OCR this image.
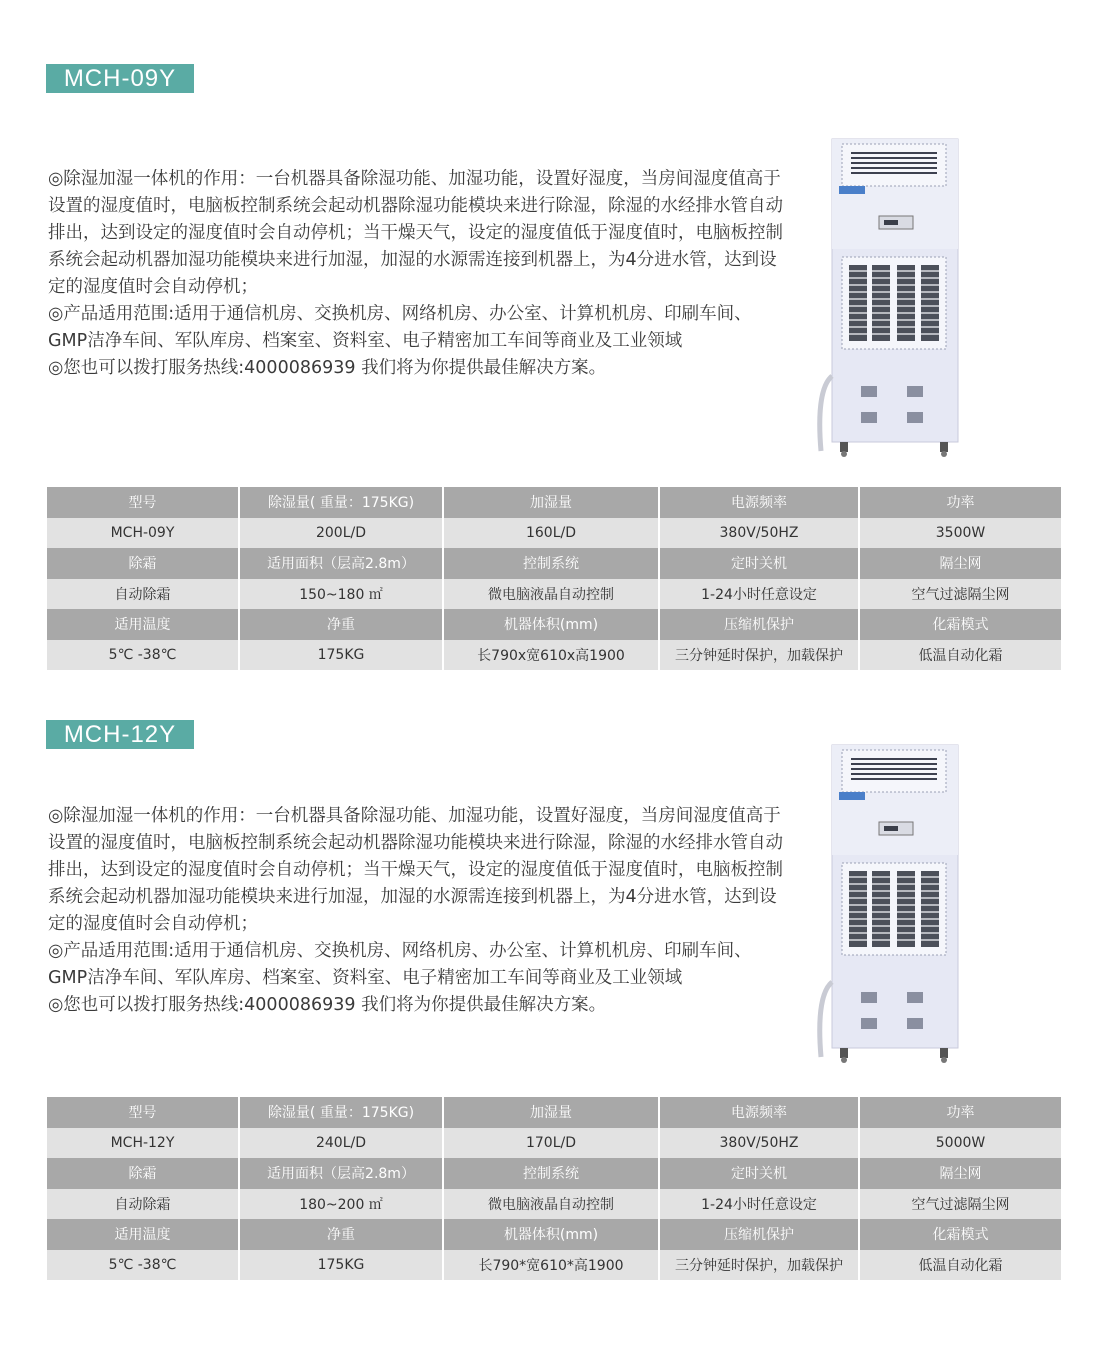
MCH-09Y

◎除湿加湿一体机的作用：一台机器具备除湿功能、加湿功能，设置好湿度，当房间湿度值高于设置的湿度值时，电脑板控制系统会起动机器除湿功能模块来进行除湿，除湿的水经排水管自动排出，达到设定的湿度值时会自动停机；当干燥天气，设定的湿度值低于湿度值时，电脑板控制系统会起动机器加湿功能模块来进行加湿，加湿的水源需连接到机器上，为4分进水管，达到设定的湿度值时会自动停机；

◎产品适用范围:适用于通信机房、交换机房、网络机房、办公室、计算机机房、印刷车间、GMP洁净车间、军队库房、档案室、资料室、电子精密加工车间等商业及工业领域

◎您也可以拨打服务热线:4000086939 我们将为你提供最佳解决方案。

型号	除湿量( 重量：175KG)	加湿量	电源频率	功率
MCH-09Y	200L/D	160L/D	380V/50HZ	3500W
除霜	适用面积（层高2.8m）	控制系统	定时关机	隔尘网
自动除霜	150~180 ㎡	微电脑液晶自动控制	1-24小时任意设定	空气过滤隔尘网
适用温度	净重	机器体积(mm)	压缩机保护	化霜模式
5℃ -38℃	175KG	长790x宽610x高1900	三分钟延时保护，加载保护	低温自动化霜
MCH-12Y

◎除湿加湿一体机的作用：一台机器具备除湿功能、加湿功能，设置好湿度，当房间湿度值高于设置的湿度值时，电脑板控制系统会起动机器除湿功能模块来进行除湿，除湿的水经排水管自动排出，达到设定的湿度值时会自动停机；当干燥天气，设定的湿度值低于湿度值时，电脑板控制系统会起动机器加湿功能模块来进行加湿，加湿的水源需连接到机器上，为4分进水管，达到设定的湿度值时会自动停机；

◎产品适用范围:适用于通信机房、交换机房、网络机房、办公室、计算机机房、印刷车间、GMP洁净车间、军队库房、档案室、资料室、电子精密加工车间等商业及工业领域

◎您也可以拨打服务热线:4000086939 我们将为你提供最佳解决方案。

型号	除湿量( 重量：175KG)	加湿量	电源频率	功率
MCH-12Y	240L/D	170L/D	380V/50HZ	5000W
除霜	适用面积（层高2.8m）	控制系统	定时关机	隔尘网
自动除霜	180~200 ㎡	微电脑液晶自动控制	1-24小时任意设定	空气过滤隔尘网
适用温度	净重	机器体积(mm)	压缩机保护	化霜模式
5℃ -38℃	175KG	长790*宽610*高1900	三分钟延时保护，加载保护	低温自动化霜
